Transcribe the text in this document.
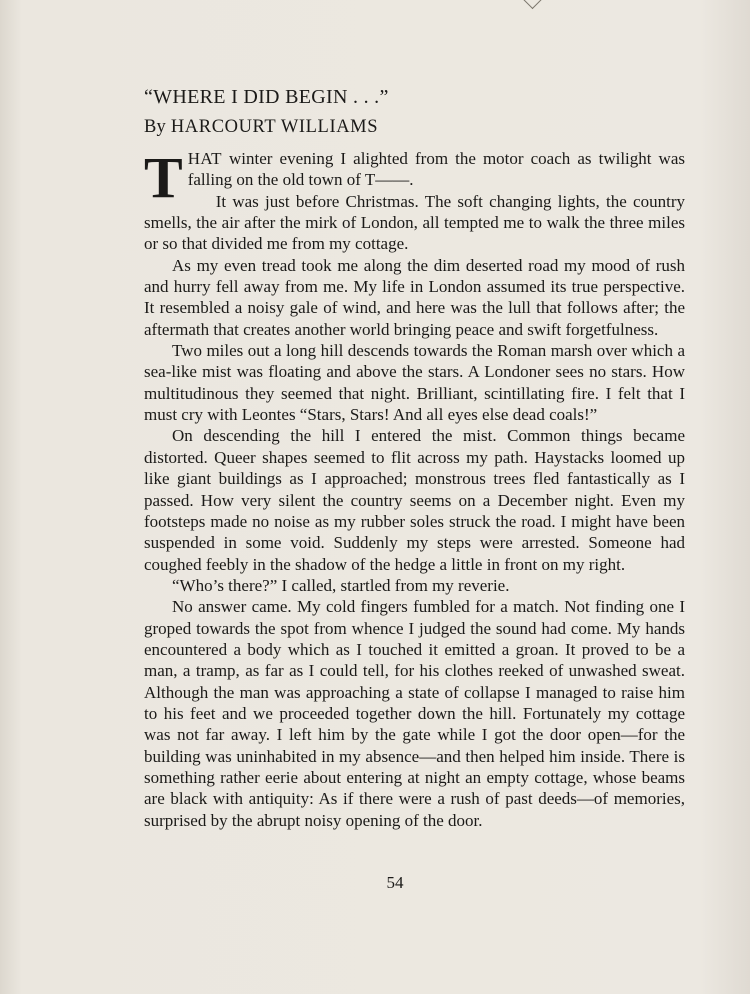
“WHERE I DID BEGIN . . .”
By HARCOURT WILLIAMS

THAT winter evening I alighted from the motor coach as twilight was falling on the old town of T——.

It was just before Christmas. The soft changing lights, the country smells, the air after the mirk of London, all tempted me to walk the three miles or so that divided me from my cottage.

As my even tread took me along the dim deserted road my mood of rush and hurry fell away from me. My life in London assumed its true perspective. It resembled a noisy gale of wind, and here was the lull that follows after; the aftermath that creates another world bringing peace and swift forgetfulness.

Two miles out a long hill descends towards the Roman marsh over which a sea-like mist was floating and above the stars. A Londoner sees no stars. How multitudinous they seemed that night. Brilliant, scintillating fire. I felt that I must cry with Leontes “Stars, Stars! And all eyes else dead coals!”

On descending the hill I entered the mist. Common things became distorted. Queer shapes seemed to flit across my path. Haystacks loomed up like giant buildings as I approached; monstrous trees fled fantastically as I passed. How very silent the country seems on a December night. Even my footsteps made no noise as my rubber soles struck the road. I might have been suspended in some void. Suddenly my steps were arrested. Someone had coughed feebly in the shadow of the hedge a little in front on my right.

“Who’s there?” I called, startled from my reverie.

No answer came. My cold fingers fumbled for a match. Not finding one I groped towards the spot from whence I judged the sound had come. My hands encountered a body which as I touched it emitted a groan. It proved to be a man, a tramp, as far as I could tell, for his clothes reeked of unwashed sweat. Although the man was approaching a state of collapse I managed to raise him to his feet and we proceeded together down the hill. Fortunately my cottage was not far away. I left him by the gate while I got the door open—for the building was uninhabited in my absence—and then helped him inside. There is something rather eerie about entering at night an empty cottage, whose beams are black with antiquity: As if there were a rush of past deeds—of memories, surprised by the abrupt noisy opening of the door.

54
